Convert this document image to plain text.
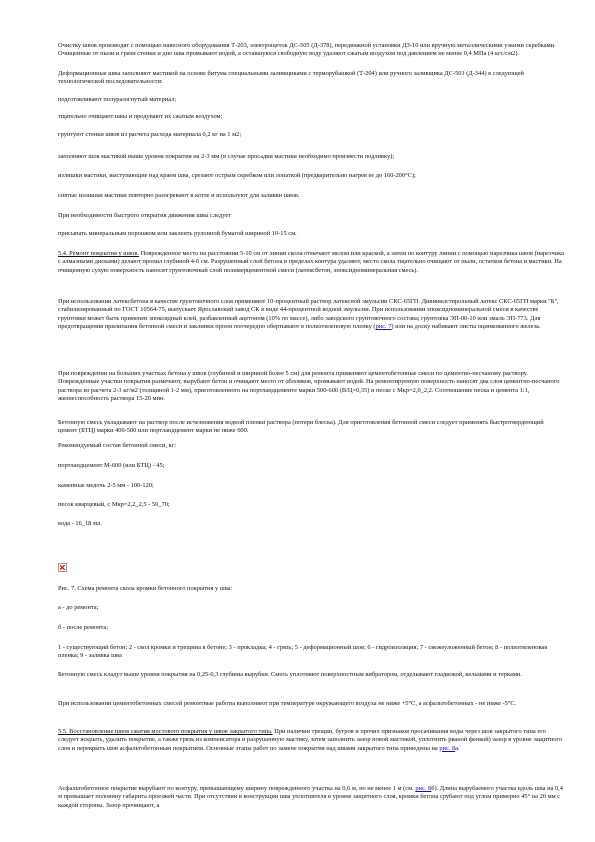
Очистку швов производят с помощью навесного оборудования Т-203, электрощеток ДС-505 (Д-378), передвижной установки ДЗ-10 или вручную металлическими узкими скребками. Очищенные от пыли и грязи стенки и дно шва промывают водой, а оставшуюся свободную воду удаляют сжатым воздухом под давлением не менее 0,4 МПа (4 кгс/см2).

Деформационные швы заполняют мастикой на основе битума специальными заливщиками с терморубашкой (Т-204) или ручного заливщика ДС-501 (Д-344) в следующей технологической последовательности:

подготавливают полуразогнутый материал;

тщательно очищают швы и продувают их сжатым воздухом;

грунтуют стенки швов из расчета расхода материала 0,2 кг на 1 м2;

заполняют шов мастикой выше уровня покрытия на 2-3 мм (в случае просадки мастики необходимо произвести подливку);

излишки мастики, выступающие над краем шва, срезают острым скребком или лопаткой (предварительно нагрев ее до 160-200°С);

снятые излишки мастики повторно разогревают в котле и используют для заливки швов.

При необходимости быстрого открытия движения швы следует

присыпать минеральным порошком или заклеить рулонной бумагой шириной 10-15 см.

5.4. Ремонт покрытия у швов. Поврежденное место на расстоянии 5-10 см от линии скола отмечают мелом или краской, а затем по контуру линии с помощью нарезчика швов (нарезчика с алмазными дисками) делают пропил глубиной 4-6 см. Разрушенный слой бетона в пределах контура удаляют, место скола тщательно очищают от пыли, остатков бетона и мастики. На очищенную сухую поверхность наносят грунтовочный слой полимерцементной смеси (латексбетон, эпоксидноминеральная смесь).

При использовании латексбетона в качестве грунтовочного слоя применяют 10-процентный раствор латексной эмульсии СКС-65ГП. Дивинилстирольный латекс СКС-65ГП марки "Б", стабилизированный по ГОСТ 10564-75, выпускает Ярославский завод СК в виде 44-процентной водной эмульсии. При использовании эпоксидноминеральной смеси в качестве грунтовки может быть применен эпоксидный клей, разбавленный ацетоном (10% по массе), либо заводского грунтовочного состава; грунтовка ЭП-00-10 или эмаль ЭП-773. Для предотвращения прилипания бетонной смеси и заклинки проем поочередно обертывают в полиэтиленовую пленку (рис. 7) или на доску набивают листы оцинкованного железа.

При повреждении на больших участках бетона у швов (глубиной и шириной более 5 см) для ремонта применяют цементобетонные смеси по цементно-песчаному раствору. Поврежденные участки покрытия размечают, вырубают бетон и очищают место от обломков, промывают водой. На ремонтируемую поверхность наносят два слоя цементно-песчаного раствора из расчета 2-3 кг/м2 (толщиной 1-2 мм), приготовленного на портландцементе марки 500-600 (В/Ц=0,35) и песке с Мкр=2,0_2,2. Соотношение песка и цемента 1:1, жизнеспособность раствора 15-20 мин.

Бетонную смесь укладывают на раствор после исчезновения водной пленки раствора (потери блеска). Для приготовления бетонной смеси следует применять быстротвердеющий цемент (БТЦ) марки 400-500 или портландцемент марки не ниже 600.

Рекомендуемый состав бетонной смеси, кг:

портландцемент М-600 (или БТЦ) - 45;

каменные мелочь 2-5 мм - 100-120;

песок кварцевый, с Мкр=2,2_2,5 - 50_70;

вода - 16_18 мл.

Рис. 7. Схема ремонта скола кромки бетонного покрытия у шва:

а - до ремонта;

б - после ремонта;

1 - существующий бетон; 2 - скол кромки и трещина в бетоне; 3 - прокладка; 4 - грязь; 5 - деформационный шов; 6 - гидроизоляция; 7 - свежеуложенный бетон; 8 - полиэтиленовая пленка; 9 - заливка шва

Бетонную смесь кладут выше уровня покрытия на 0,25-0,3 глубины вырубки. Смесь уплотняют поверхностным вибратором, отделывают гладилкой, кельмами и терками.

При использовании цементобетонных смесей ремонтные работы выполняют при температуре окружающего воздуха не ниже +5°С, а асфальтобетонных - не ниже -5°С.

5.5. Восстановление швов сжатия мостового покрытия у швов закрытого типа. При наличии трещин, бугров и прочих признаков просачивания воды через шов закрытого типа его следует вскрыть, удалить покрытие, а также грязь из компенсатора и разрушенную мастику, затем заполнить зазор новой мастикой, уплотнить рваной фенкой) зазор в уровне защитного слоя и перекрыть шов асфальтобетонным покрытием. Основные этапы работ по замене покрытия над швами закрытого типа приведены на рис. 8а.

Асфальтобетонное покрытие вырубают по контуру, превышающему ширину поврежденного участка на 0,6 м, но не менее 1 м (см. рис. 8б). Длина вырубаемого участка вдоль шва на 0,4 м превышает половину габарита проезжей части. При отсутствии в конструкции шва уплотнителя в уровне защитного слоя, кромки бетона срубают под углом примерно 45° на 20 мм с каждой стороны. Зазор прочищают, а
